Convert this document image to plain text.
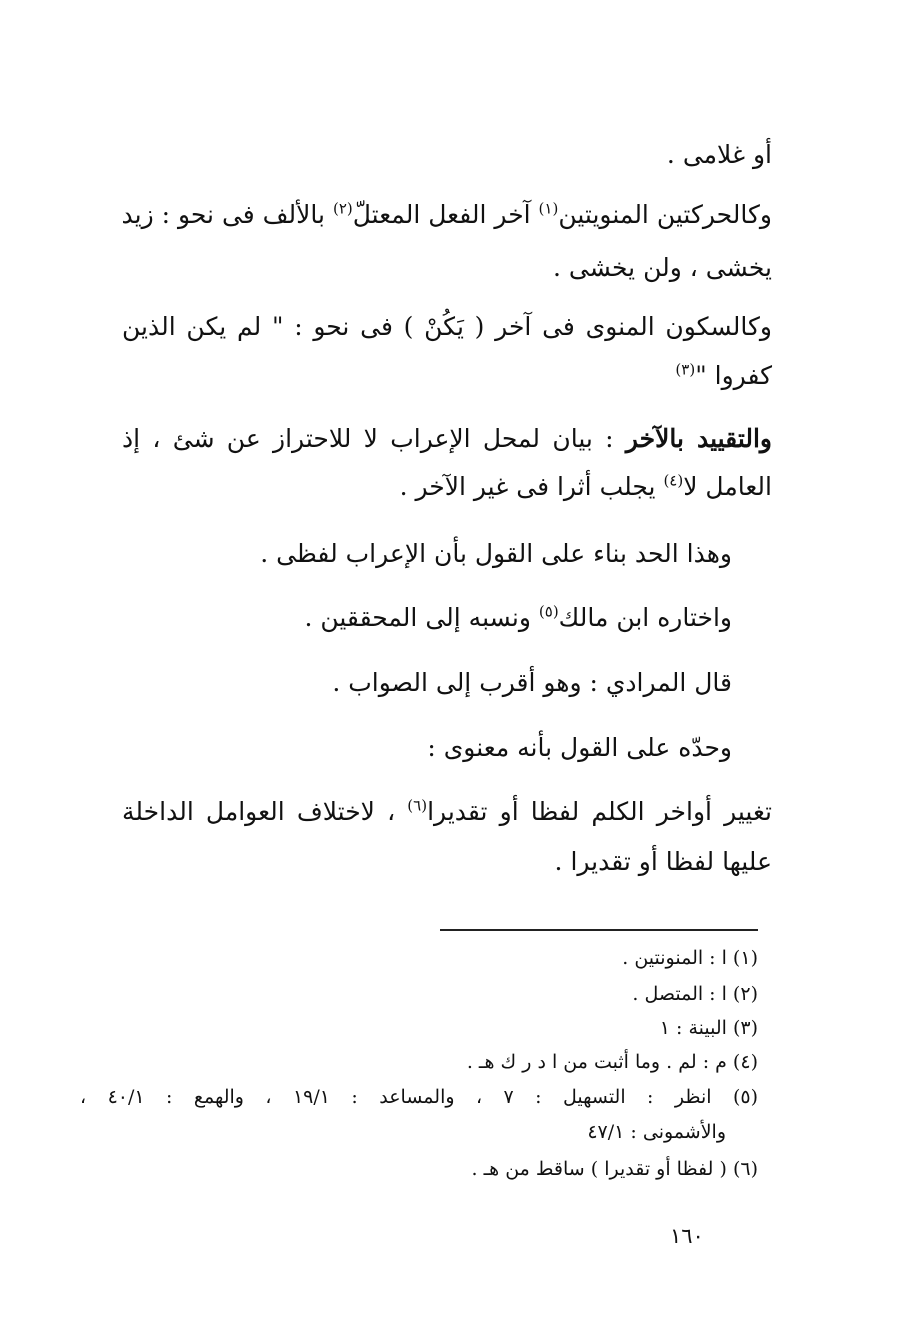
أو غلامى .
وكالحركتين المنويتين$^{(١)}$ آخر الفعل المعتلّ$^{(٢)}$ بالألف فى نحو : زيد
يخشى ، ولن يخشى .
وكالسكون المنوى فى آخر ( يَكُنْ ) فى نحو : " لم يكن الذين
كفروا "$^{(٣)}$
والتقييد بالآخر : بيان لمحل الإعراب لا للاحتراز عن شئ ، إذ
العامل لا$^{(٤)}$ يجلب أثرا فى غير الآخر .
وهذا الحد بناء على القول بأن الإعراب لفظى .
واختاره ابن مالك$^{(٥)}$ ونسبه إلى المحققين .
قال المرادي : وهو أقرب إلى الصواب .
وحدّه على القول بأنه معنوى :
تغيير أواخر الكلم لفظا أو تقديرا$^{(٦)}$ ، لاختلاف العوامل الداخلة
عليها لفظا أو تقديرا .
(١) ا : المنونتين .
(٢) ا : المتصل .
(٣) البينة : ١
(٤) م : لم . وما أثبت من ا د ر ك هـ .
(٥) انظر : التسهيل : ٧ ، والمساعد : ١٩/١ ، والهمع : ٤٠/١ ،
والأشمونى : ٤٧/١
(٦) ( لفظا أو تقديرا ) ساقط من هـ .
١٦٠
